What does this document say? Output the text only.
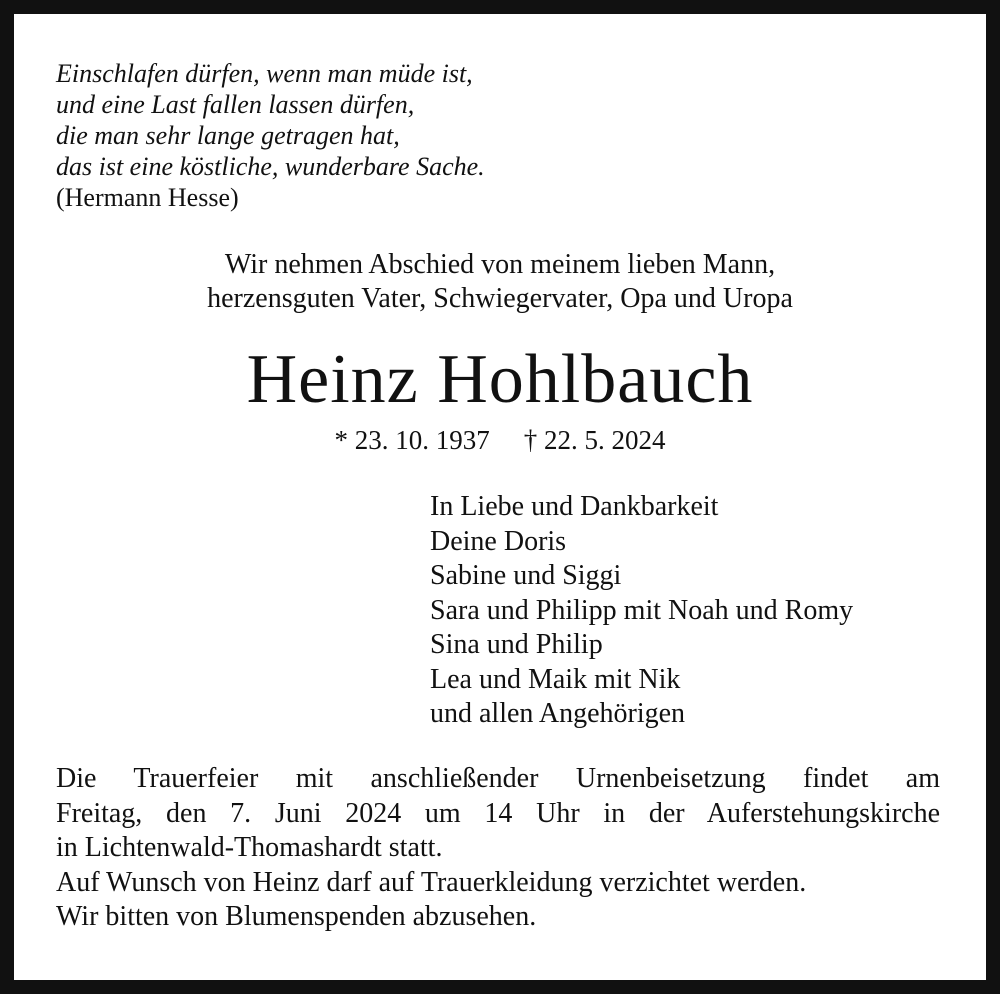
Einschlafen dürfen, wenn man müde ist,
und eine Last fallen lassen dürfen,
die man sehr lange getragen hat,
das ist eine köstliche, wunderbare Sache.
(Hermann Hesse)
Wir nehmen Abschied von meinem lieben Mann,
herzensguten Vater, Schwiegervater, Opa und Uropa
Heinz Hohlbauch
* 23. 10. 1937 † 22. 5. 2024
In Liebe und Dankbarkeit
Deine Doris
Sabine und Siggi
Sara und Philipp mit Noah und Romy
Sina und Philip
Lea und Maik mit Nik
und allen Angehörigen
Die Trauerfeier mit anschließender Urnenbeisetzung findet am
Freitag, den 7. Juni 2024 um 14 Uhr in der Auferstehungskirche
in Lichtenwald-Thomashardt statt.
Auf Wunsch von Heinz darf auf Trauerkleidung verzichtet werden.
Wir bitten von Blumenspenden abzusehen.
